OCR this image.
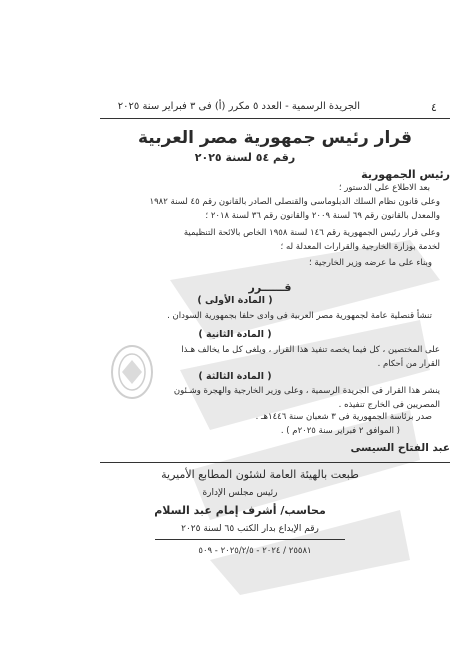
٤
الجريدة الرسمية - العدد ٥ مكرر (أ) فى ٣ فبراير سنة ٢٠٢٥
قرار رئيس جمهورية مصر العربية
رقم ٥٤ لسنة ٢٠٢٥
رئيس الجمهورية
بعد الاطلاع على الدستور ؛
وعلى قانون نظام السلك الدبلوماسى والقنصلى الصادر بالقانون رقم ٤٥ لسنة ١٩٨٢
والمعدل بالقانون رقم ٦٩ لسنة ٢٠٠٩ والقانون رقم ٣٦ لسنة ٢٠١٨ ؛
وعلى قرار رئيس الجمهورية رقم ١٤٦ لسنة ١٩٥٨ الخاص بالائحة التنظيمية
لخدمة بوزارة الخارجية والقرارات المعدلة له ؛
وبناء على ما عرضه وزير الخارجية ؛
قــــــرر
( المادة الأولى )
تنشأ قنصلية عامة لجمهورية مصر العربية فى وادى حلفا بجمهورية السودان .
( المادة الثانية )
على المختصين ، كل فيما يخصه تنفيذ هذا القرار ، ويلغى كل ما يخالف هـذا
القرار من أحكام .
( المادة الثالثة )
ينشر هذا القرار فى الجريدة الرسمية ، وعلى وزير الخارجية والهجرة وشـئون
المصريين فى الخارج تنفيذه .
صدر برئاسة الجمهورية فى ٣ شعبان سنة ١٤٤٦هـ .
( الموافق ٢ فبراير سنة ٢٠٢٥م ) .
عبد الفتاح السيسى
طبعت بالهيئة العامة لشئون المطابع الأميرية
رئيس مجلس الإدارة
محاسب/ أشرف إمام عبد السلام
رقم الإيداع بدار الكتب ٦٥ لسنة ٢٠٢٥
٢٥٥٨١ / ٢٠٢٤ - ٢٠٢٥/٢/٥ - ٥٠٩
